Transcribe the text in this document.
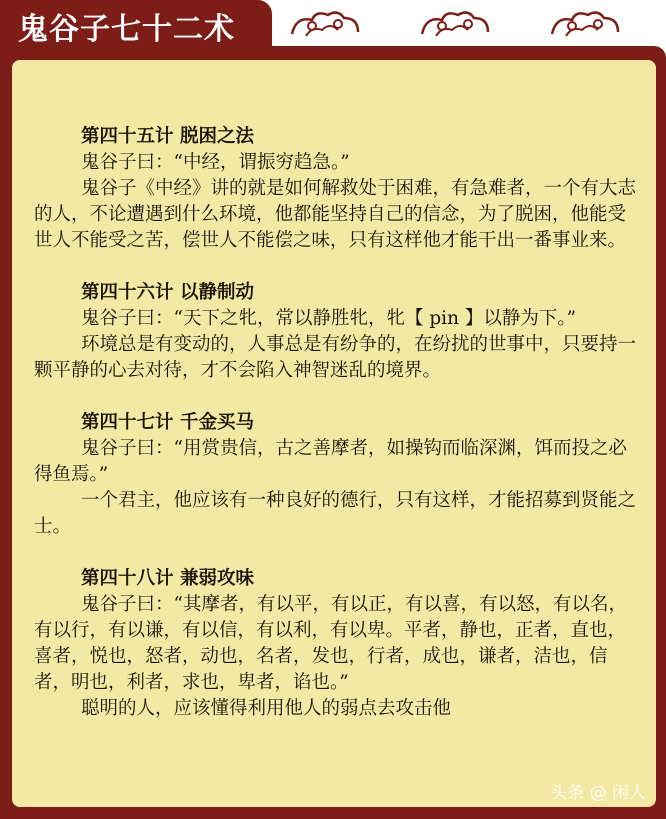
鬼谷子七十二术
第四十五计 脱困之法

鬼谷子曰：“中经，谓振穷趋急。”

鬼谷子《中经》讲的就是如何解救处于困难，有急难者，一个有大志的人，不论遭遇到什么环境，他都能坚持自己的信念，为了脱困，他能受世人不能受之苦，偿世人不能偿之味，只有这样他才能干出一番事业来。

第四十六计 以静制动

鬼谷子曰：“天下之牝，常以静胜牝，牝【 pin 】以静为下。”

环境总是有变动的，人事总是有纷争的，在纷扰的世事中，只要持一颗平静的心去对待，才不会陷入神智迷乱的境界。

第四十七计 千金买马

鬼谷子曰：“用赏贵信，古之善摩者，如操钩而临深渊，饵而投之必得鱼焉。”

一个君主，他应该有一种良好的德行，只有这样，才能招募到贤能之士。

第四十八计 兼弱攻味

鬼谷子曰：“其摩者，有以平，有以正，有以喜，有以怒，有以名，有以行，有以谦，有以信，有以利，有以卑。平者，静也，正者，直也，喜者，悦也，怒者，动也，名者，发也，行者，成也，谦者，洁也，信者，明也，利者，求也，卑者，谄也。”

聪明的人，应该懂得利用他人的弱点去攻击他

头条 @ 闲人
